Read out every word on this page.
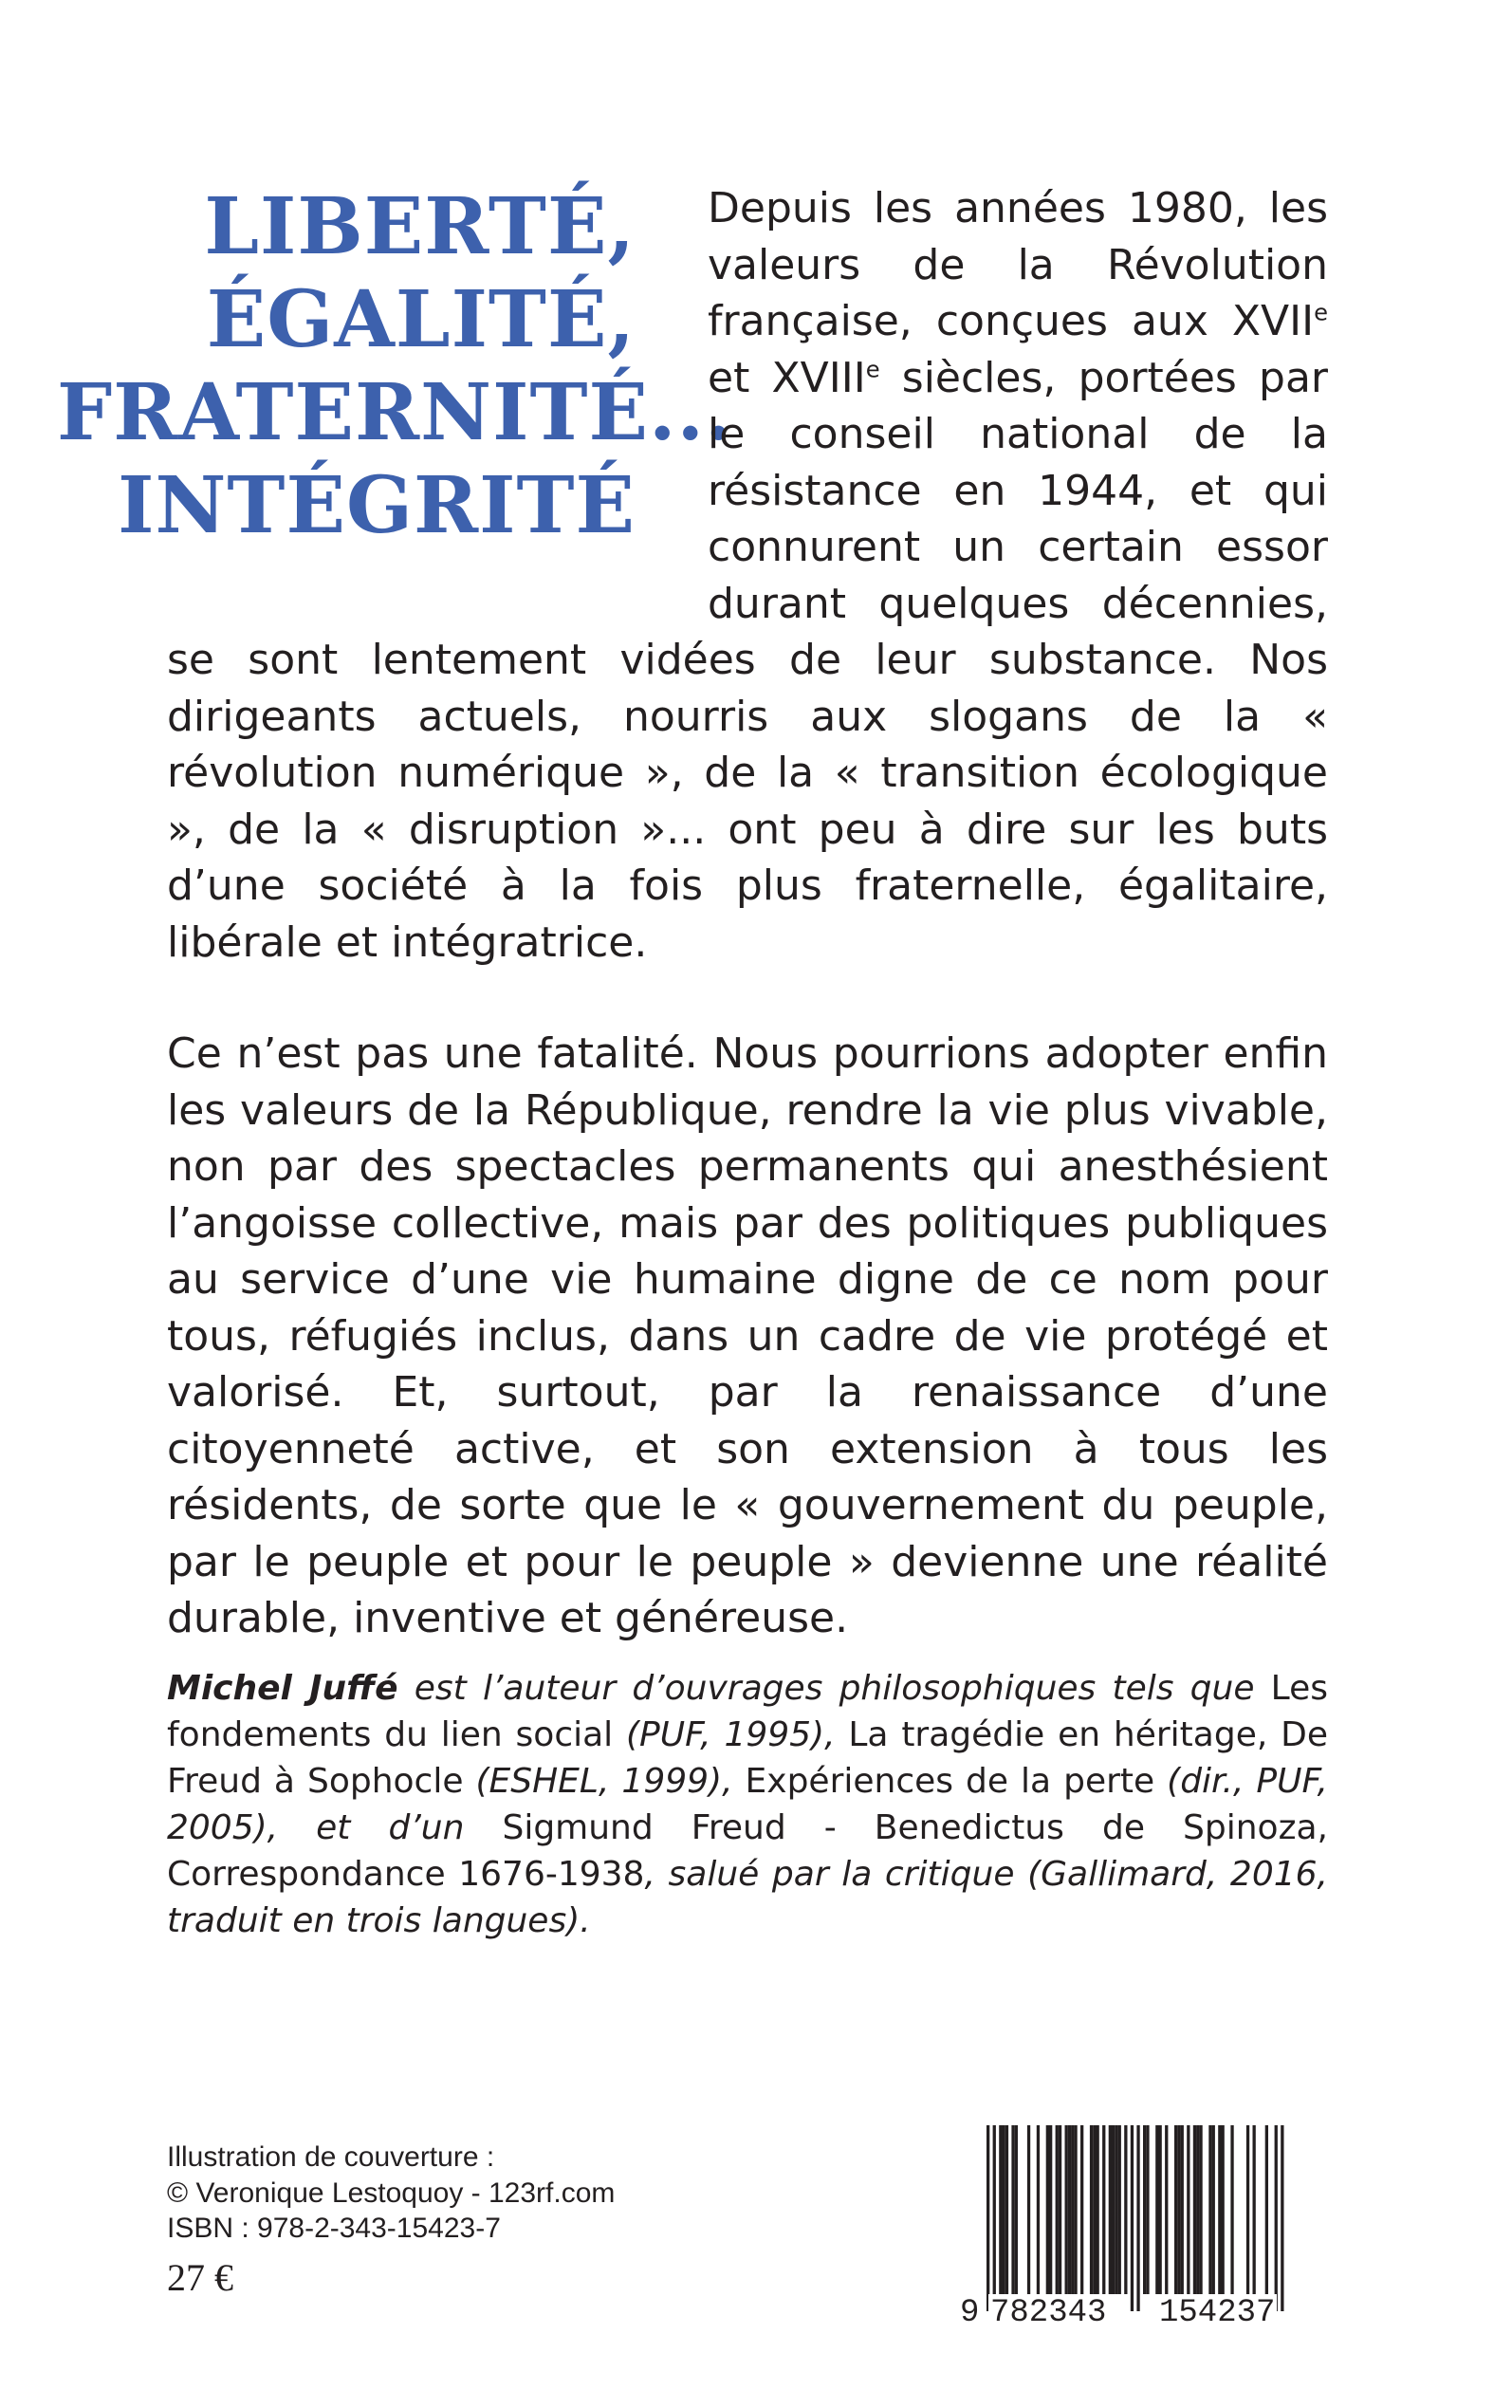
LIBERTÉ,
ÉGALITÉ,
FRATERNITÉ...
INTÉGRITÉ

Depuis les années 1980, les valeurs de la Révolution française, conçues aux XVIIe et XVIIIe siècles, portées par le conseil national de la résistance en 1944, et qui connurent un certain essor durant quelques décennies, se sont lentement vidées de leur substance. Nos dirigeants actuels, nourris aux slogans de la « révolution numérique », de la « transition écologique », de la « disruption »... ont peu à dire sur les buts d’une société à la fois plus fraternelle, égalitaire, libérale et intégratrice.

Ce n’est pas une fatalité. Nous pourrions adopter enfin les valeurs de la République, rendre la vie plus vivable, non par des spectacles permanents qui anesthésient l’angoisse collective, mais par des politiques publiques au service d’une vie humaine digne de ce nom pour tous, réfugiés inclus, dans un cadre de vie protégé et valorisé. Et, surtout, par la renaissance d’une citoyenneté active, et son extension à tous les résidents, de sorte que le « gouvernement du peuple, par le peuple et pour le peuple » devienne une réalité durable, inventive et généreuse.

Michel Juffé est l’auteur d’ouvrages philosophiques tels que Les fondements du lien social (PUF, 1995), La tragédie en héritage, De Freud à Sophocle (ESHEL, 1999), Expériences de la perte (dir., PUF, 2005), et d’un Sigmund Freud - Benedictus de Spinoza, Correspondance 1676-1938, salué par la critique (Gallimard, 2016, traduit en trois langues).
Illustration de couverture :
© Veronique Lestoquoy - 123rf.com
ISBN : 978-2-343-15423-7
27 €
9 782343 154237
